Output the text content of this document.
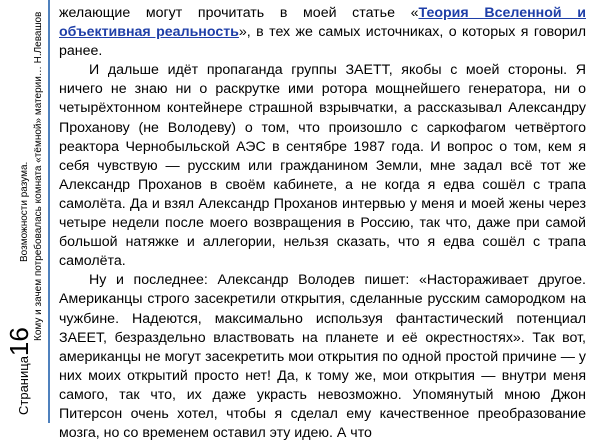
Страница16
Возможности разума. Кому и зачем потребовалась комната «тёмной» материи… Н.Левашов желающие могут прочитать в моей статье «Теория Вселенной и объективная реальность», в тех же самых источниках, о которых я говорил ранее.

И дальше идёт пропаганда группы ЗАЕТТ, якобы с моей стороны. Я ничего не знаю ни о раскрутке ими ротора мощнейшего генератора, ни о четырёхтонном контейнере страшной взрывчатки, а рассказывал Александру Проханову (не Володеву) о том, что произошло с саркофагом четвёртого реактора Чернобыльской АЭС в сентябре 1987 года. И вопрос о том, кем я себя чувствую — русским или гражданином Земли, мне задал всё тот же Александр Проханов в своём кабинете, а не когда я едва сошёл с трапа самолёта. Да и взял Александр Проханов интервью у меня и моей жены через четыре недели после моего возвращения в Россию, так что, даже при самой большой натяжке и аллегории, нельзя сказать, что я едва сошёл с трапа самолёта.

Ну и последнее: Александр Володев пишет: «Настораживает другое. Американцы строго засекретили открытия, сделанные русским самородком на чужбине. Надеются, максимально используя фантастический потенциал ЗАЕЕТ, безраздельно властвовать на планете и её окрестностях». Так вот, американцы не могут засекретить мои открытия по одной простой причине — у них моих открытий просто нет! Да, к тому же, мои открытия — внутри меня самого, так что, их даже украсть невозможно. Упомянутый мною Джон Питерсон очень хотел, чтобы я сделал ему качественное преобразование мозга, но со временем оставил эту идею. А что
